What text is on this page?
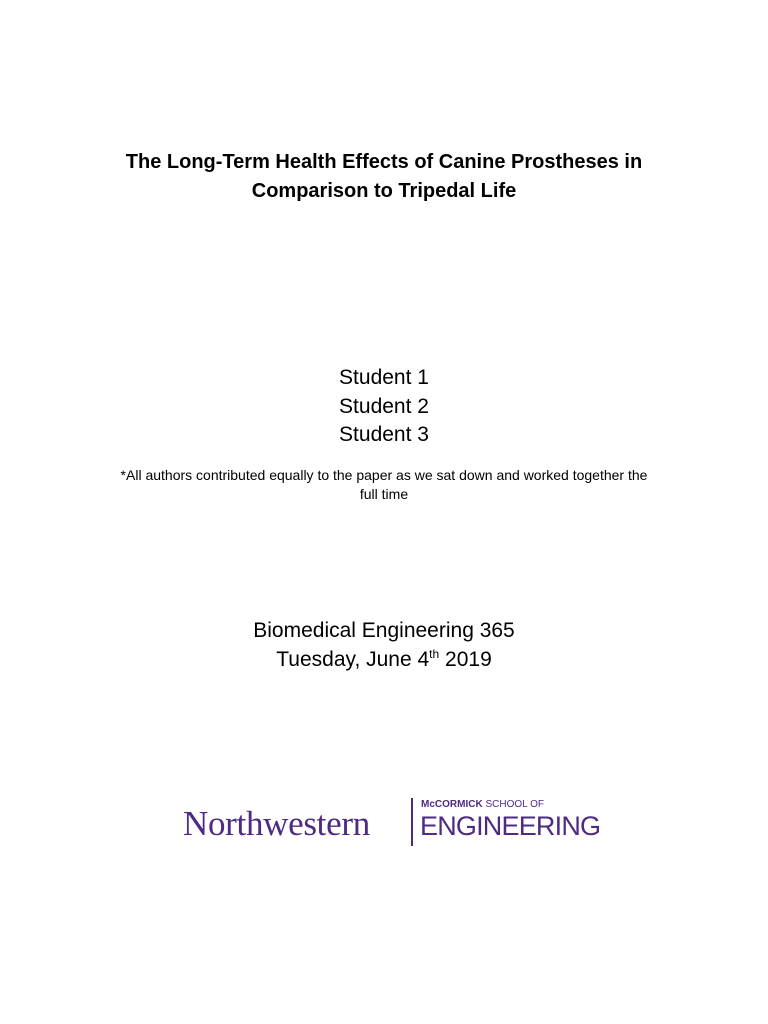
The Long-Term Health Effects of Canine Prostheses in
Comparison to Tripedal Life
Student 1
Student 2
Student 3
*All authors contributed equally to the paper as we sat down and worked together the
full time
Biomedical Engineering 365
Tuesday, June 4th 2019
Northwestern	McCORMICK SCHOOL OF
ENGINEERING
